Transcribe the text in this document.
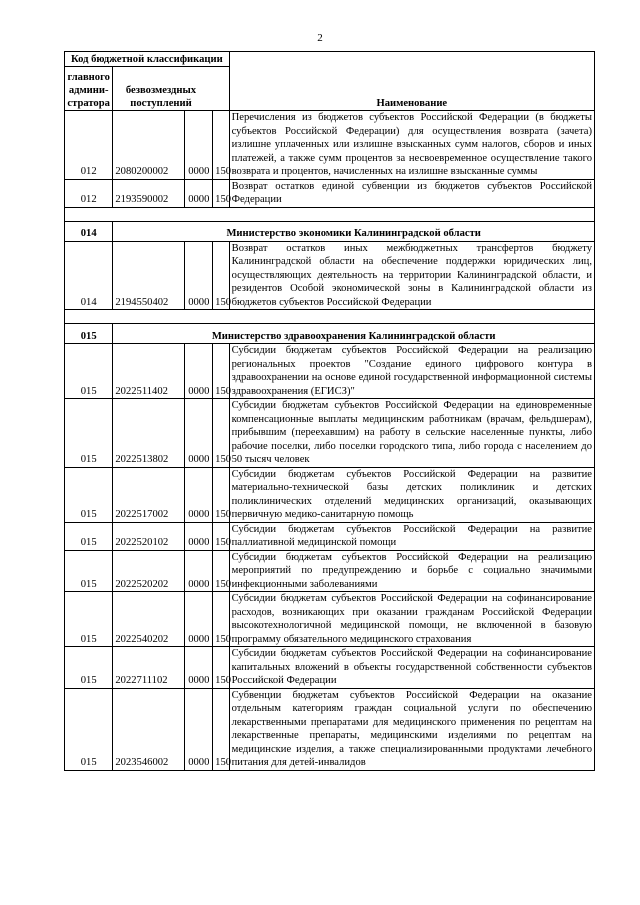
2
Код бюджетной классификации				Наименование
главного админи-стратора	безвозмездных поступлений			
012	2080200002	0000	150	Перечисления из бюджетов субъектов Российской Федерации (в бюджеты субъектов Российской Федерации) для осуществления возврата (зачета) излишне уплаченных или излишне взысканных сумм налогов, сборов и иных платежей, а также сумм процентов за несвоевременное осуществление такого возврата и процентов, начисленных на излишне взысканные суммы
012	2193590002	0000	150	Возврат остатков единой субвенции из бюджетов субъектов Российской Федерации

014	Министерство экономики Калининградской области			
014	2194550402	0000	150	Возврат остатков иных межбюджетных трансфертов бюджету Калининградской области на обеспечение поддержки юридических лиц, осуществляющих деятельность на территории Калининградской области, и резидентов Особой экономической зоны в Калининградской области из бюджетов субъектов Российской Федерации

015	Министерство здравоохранения Калининградской области			
015	2022511402	0000	150	Субсидии бюджетам субъектов Российской Федерации на реализацию региональных проектов "Создание единого цифрового контура в здравоохранении на основе единой государственной информационной системы здравоохранения (ЕГИСЗ)"
015	2022513802	0000	150	Субсидии бюджетам субъектов Российской Федерации на единовременные компенсационные выплаты медицинским работникам (врачам, фельдшерам), прибывшим (переехавшим) на работу в сельские населенные пункты, либо рабочие поселки, либо поселки городского типа, либо города с населением до 50 тысяч человек
015	2022517002	0000	150	Субсидии бюджетам субъектов Российской Федерации на развитие материально-технической базы детских поликлиник и детских поликлинических отделений медицинских организаций, оказывающих первичную медико-санитарную помощь
015	2022520102	0000	150	Субсидии бюджетам субъектов Российской Федерации на развитие паллиативной медицинской помощи
015	2022520202	0000	150	Субсидии бюджетам субъектов Российской Федерации на реализацию мероприятий по предупреждению и борьбе с социально значимыми инфекционными заболеваниями
015	2022540202	0000	150	Субсидии бюджетам субъектов Российской Федерации на софинансирование расходов, возникающих при оказании гражданам Российской Федерации высокотехнологичной медицинской помощи, не включенной в базовую программу обязательного медицинского страхования
015	2022711102	0000	150	Субсидии бюджетам субъектов Российской Федерации на софинансирование капитальных вложений в объекты государственной собственности субъектов Российской Федерации
015	2023546002	0000	150	Субвенции бюджетам субъектов Российской Федерации на оказание отдельным категориям граждан социальной услуги по обеспечению лекарственными препаратами для медицинского применения по рецептам на лекарственные препараты, медицинскими изделиями по рецептам на медицинские изделия, а также специализированными продуктами лечебного питания для детей-инвалидов
